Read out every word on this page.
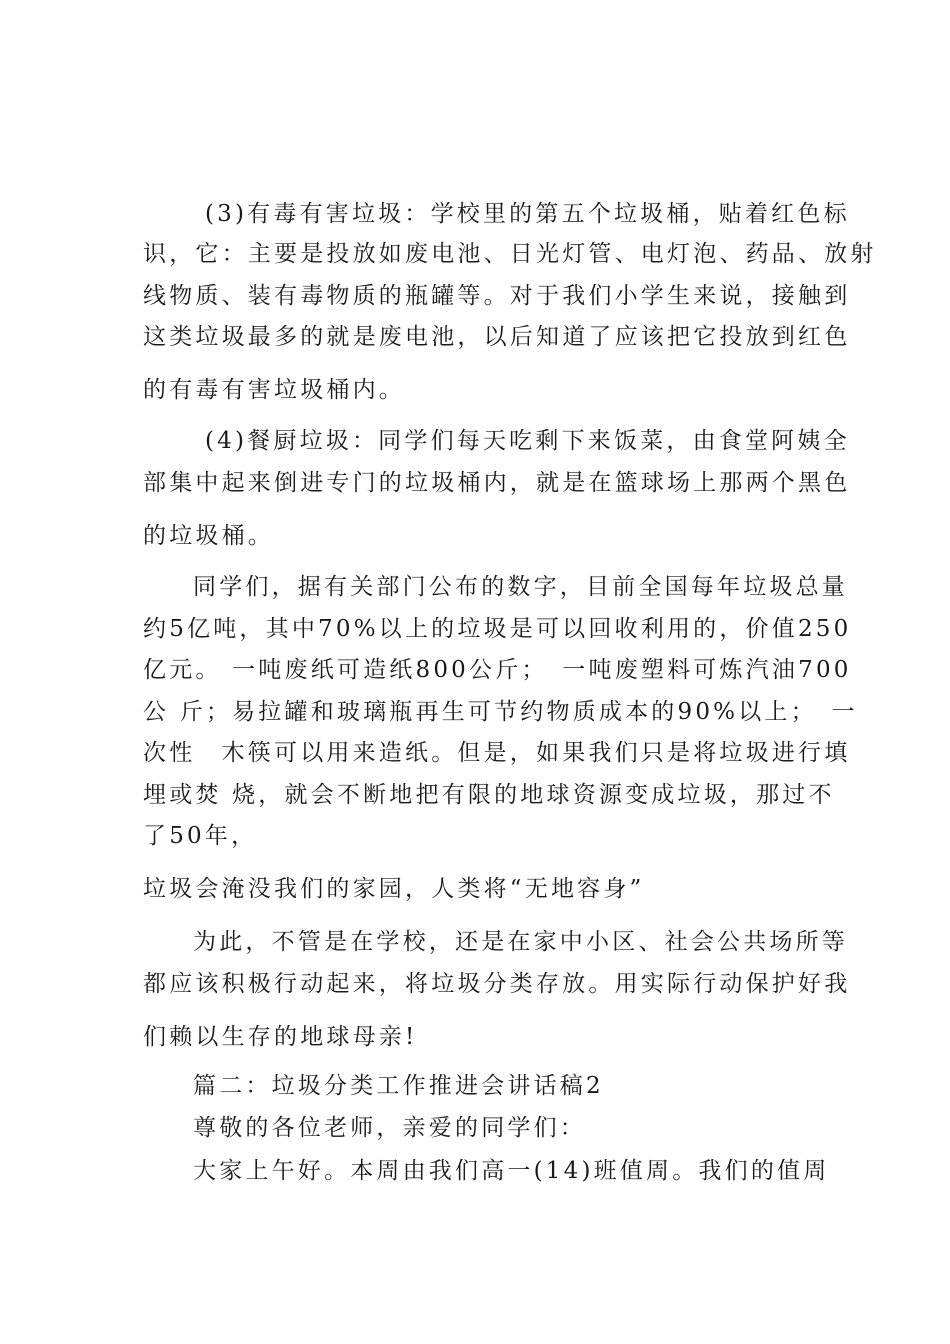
(3)有毒有害垃圾：学校里的第五个垃圾桶，贴着红色标
识，它：主要是投放如废电池、日光灯管、电灯泡、药品、放射
线物质、装有毒物质的瓶罐等。对于我们小学生来说，接触到
这类垃圾最多的就是废电池，以后知道了应该把它投放到红色
的有毒有害垃圾桶内。
(4)餐厨垃圾：同学们每天吃剩下来饭菜，由食堂阿姨全
部集中起来倒进专门的垃圾桶内，就是在篮球场上那两个黑色
的垃圾桶。
同学们，据有关部门公布的数字，目前全国每年垃圾总量
约5亿吨，其中70%以上的垃圾是可以回收利用的，价值250
亿元。 一吨废纸可造纸800公斤；　一吨废塑料可炼汽油700
公 斤；易拉罐和玻璃瓶再生可节约物质成本的90%以上；　一
次性　木筷可以用来造纸。但是，如果我们只是将垃圾进行填
埋或焚 烧，就会不断地把有限的地球资源变成垃圾，那过不
了50年，
垃圾会淹没我们的家园，人类将“无地容身”
为此，不管是在学校，还是在家中小区、社会公共场所等
都应该积极行动起来，将垃圾分类存放。用实际行动保护好我
们赖以生存的地球母亲!
篇二：垃圾分类工作推进会讲话稿2
尊敬的各位老师，亲爱的同学们：
大家上午好。本周由我们高一(14)班值周。我们的值周
